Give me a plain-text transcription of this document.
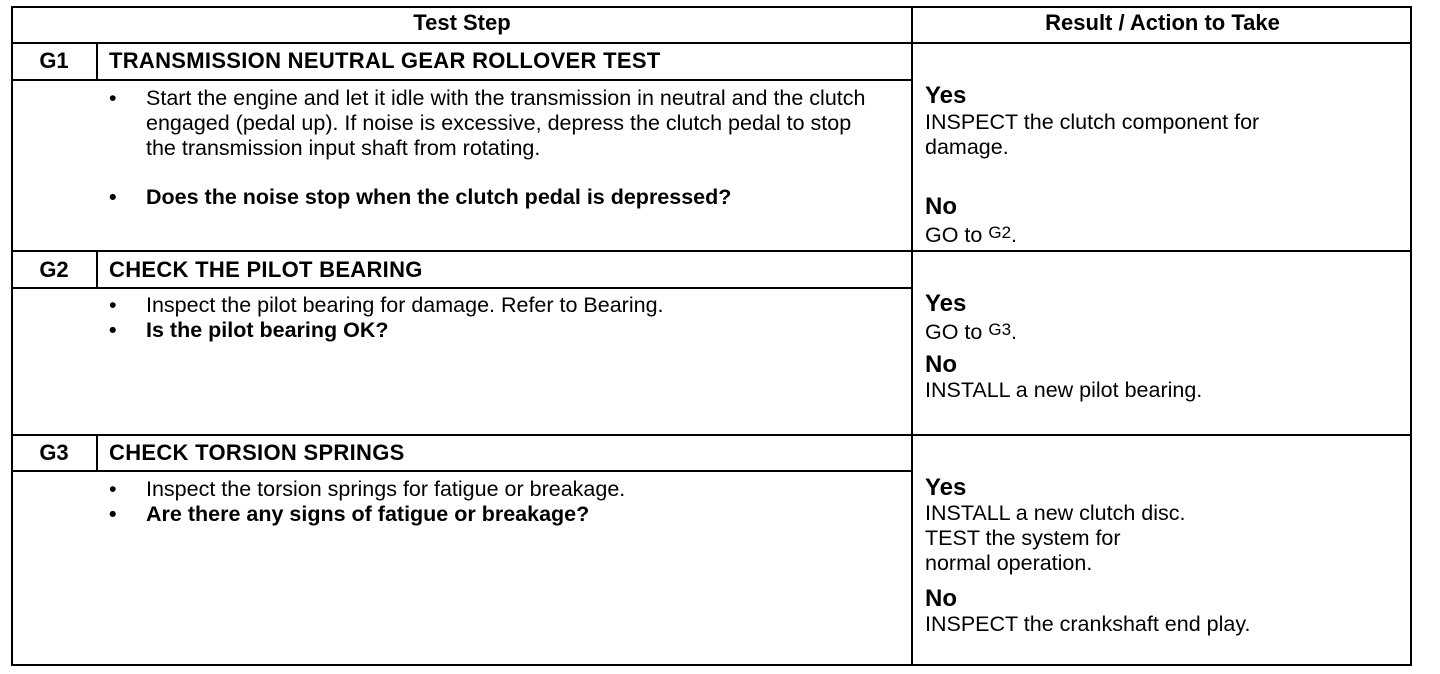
Test Step	Result / Action to Take
G1	TRANSMISSION NEUTRAL GEAR ROLLOVER TEST
•	Start the engine and let it idle with the transmission in neutral and the clutch engaged (pedal up). If noise is excessive, depress the clutch pedal to stop the transmission input shaft from rotating.
•	Does the noise stop when the clutch pedal is depressed?
Yes
INSPECT the clutch component for damage.
No
GO to $^{G2}$.
G2	CHECK THE PILOT BEARING
•	Inspect the pilot bearing for damage. Refer to Bearing.
•	Is the pilot bearing OK?
Yes
GO to $^{G3}$.
No
INSTALL a new pilot bearing.
G3	CHECK TORSION SPRINGS
•	Inspect the torsion springs for fatigue or breakage.
•	Are there any signs of fatigue or breakage?
Yes
INSTALL a new clutch disc.
TEST the system for
normal operation.
No
INSPECT the crankshaft end play.
